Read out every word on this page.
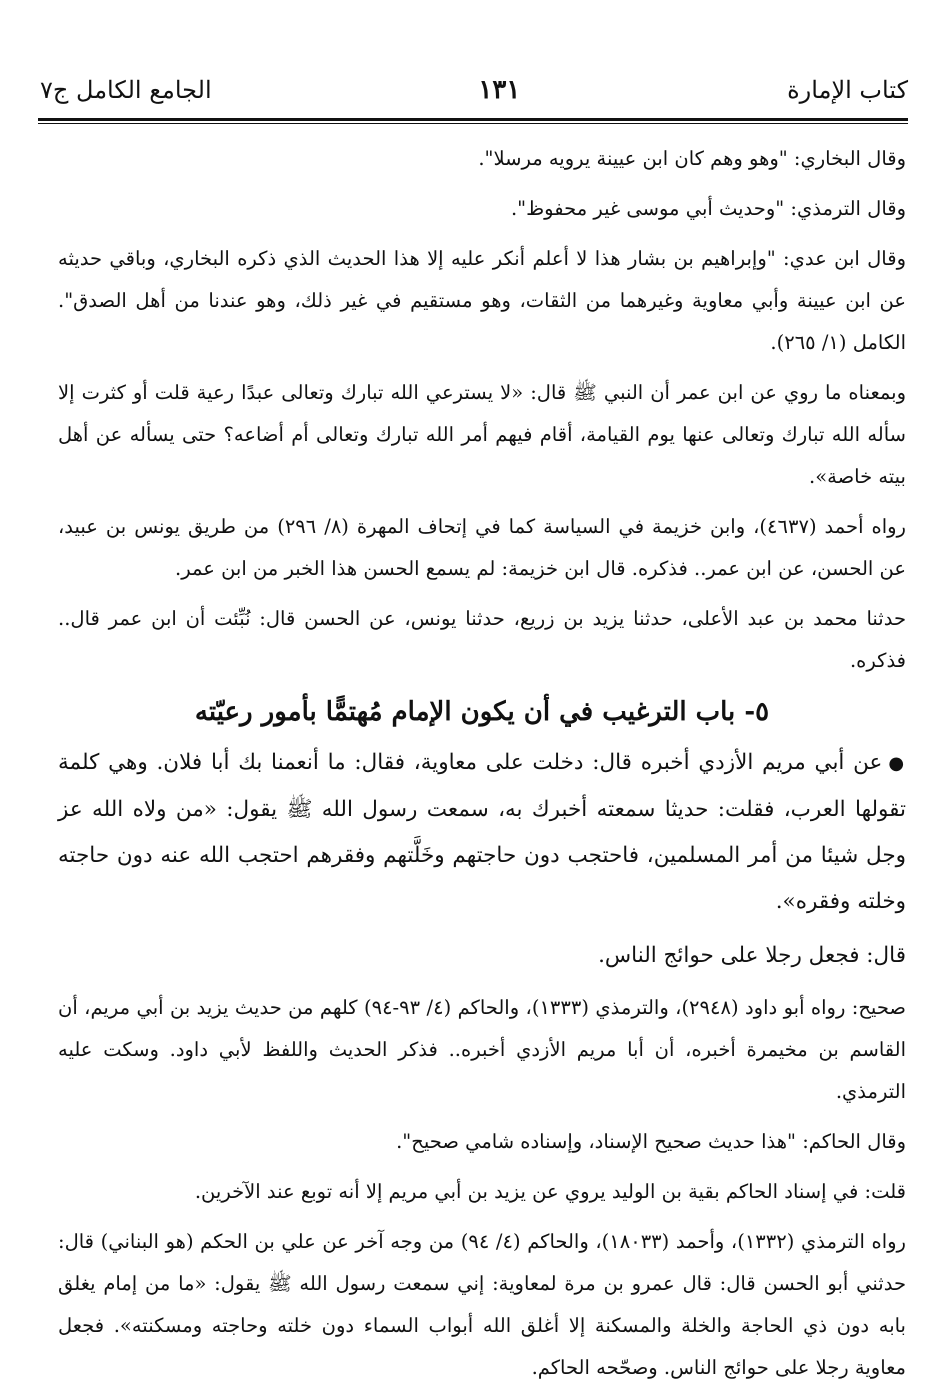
كتاب الإمارة
١٣١
الجامع الكامل ج٧

وقال البخاري: "وهو وهم كان ابن عيينة يرويه مرسلا".

وقال الترمذي: "وحديث أبي موسى غير محفوظ".

وقال ابن عدي: "وإبراهيم بن بشار هذا لا أعلم أنكر عليه إلا هذا الحديث الذي ذكره البخاري، وباقي حديثه عن ابن عيينة وأبي معاوية وغيرهما من الثقات، وهو مستقيم في غير ذلك، وهو عندنا من أهل الصدق". الكامل (١/ ٢٦٥).

وبمعناه ما روي عن ابن عمر أن النبي ﷺ قال: «لا يسترعي الله تبارك وتعالى عبدًا رعية قلت أو كثرت إلا سأله الله تبارك وتعالى عنها يوم القيامة، أقام فيهم أمر الله تبارك وتعالى أم أضاعه؟ حتى يسأله عن أهل بيته خاصة».

رواه أحمد (٤٦٣٧)، وابن خزيمة في السياسة كما في إتحاف المهرة (٨/ ٢٩٦) من طريق يونس بن عبيد، عن الحسن، عن ابن عمر.. فذكره. قال ابن خزيمة: لم يسمع الحسن هذا الخبر من ابن عمر.

حدثنا محمد بن عبد الأعلى، حدثنا يزيد بن زريع، حدثنا يونس، عن الحسن قال: نُبِّئت أن ابن عمر قال.. فذكره.

٥- باب الترغيب في أن يكون الإمام مُهتمًّا بأمور رعيّته

●عن أبي مريم الأزدي أخبره قال: دخلت على معاوية، فقال: ما أنعمنا بك أبا فلان. وهي كلمة تقولها العرب، فقلت: حديثا سمعته أخبرك به، سمعت رسول الله ﷺ يقول: «من ولاه الله عز وجل شيئا من أمر المسلمين، فاحتجب دون حاجتهم وخَلَّتهم وفقرهم احتجب الله عنه دون حاجته وخلته وفقره».

قال: فجعل رجلا على حوائج الناس.

صحيح: رواه أبو داود (٢٩٤٨)، والترمذي (١٣٣٣)، والحاكم (٤/ ٩٣-٩٤) كلهم من حديث يزيد بن أبي مريم، أن القاسم بن مخيمرة أخبره، أن أبا مريم الأزدي أخبره.. فذكر الحديث واللفظ لأبي داود. وسكت عليه الترمذي.

وقال الحاكم: "هذا حديث صحيح الإسناد، وإسناده شامي صحيح".

قلت: في إسناد الحاكم بقية بن الوليد يروي عن يزيد بن أبي مريم إلا أنه توبع عند الآخرين.

رواه الترمذي (١٣٣٢)، وأحمد (١٨٠٣٣)، والحاكم (٤/ ٩٤) من وجه آخر عن علي بن الحكم (هو البناني) قال: حدثني أبو الحسن قال: قال عمرو بن مرة لمعاوية: إني سمعت رسول الله ﷺ يقول: «ما من إمام يغلق بابه دون ذي الحاجة والخلة والمسكنة إلا أغلق الله أبواب السماء دون خلته وحاجته ومسكنته». فجعل معاوية رجلا على حوائج الناس. وصحّحه الحاكم.
